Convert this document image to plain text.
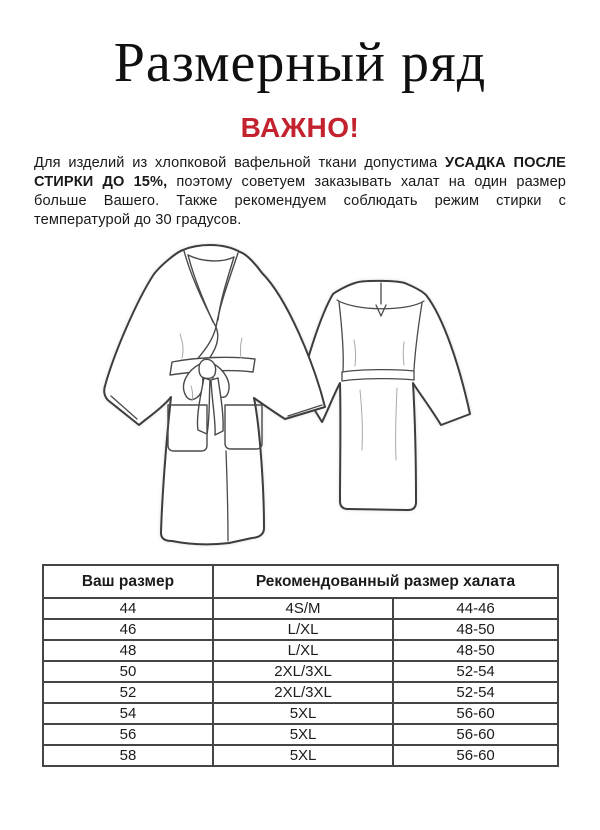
Размерный ряд
ВАЖНО!

Для изделий из хлопковой вафельной ткани допустима УСАДКА ПОСЛЕ СТИРКИ ДО 15%, поэтому советуем заказывать халат на один размер больше Вашего. Также рекомендуем соблюдать режим стирки с температурой до 30 градусов.

Ваш размер	Рекомендованный размер халата	
44	4S/M	44-46
46	L/XL	48-50
48	L/XL	48-50
50	2XL/3XL	52-54
52	2XL/3XL	52-54
54	5XL	56-60
56	5XL	56-60
58	5XL	56-60
